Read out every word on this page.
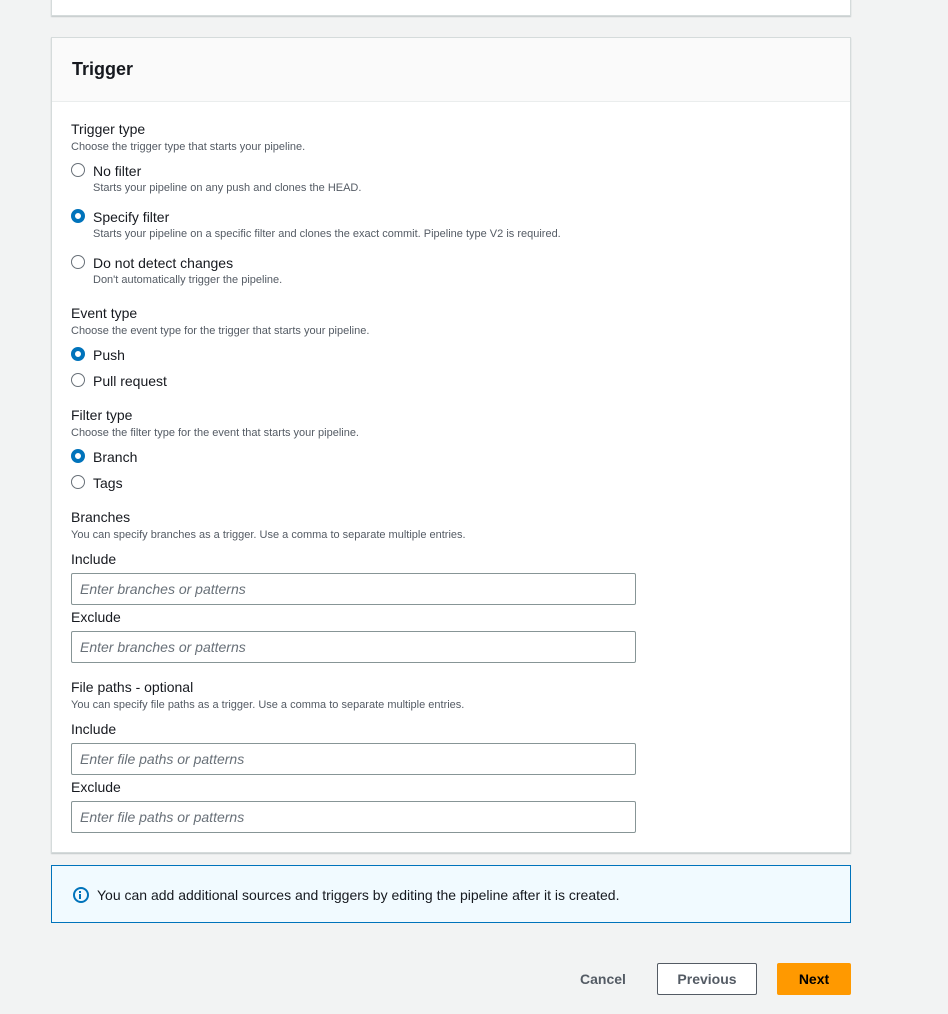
Trigger
Trigger type
Choose the trigger type that starts your pipeline.
No filter
Starts your pipeline on any push and clones the HEAD.
Specify filter
Starts your pipeline on a specific filter and clones the exact commit. Pipeline type V2 is required.
Do not detect changes
Don't automatically trigger the pipeline.
Event type
Choose the event type for the trigger that starts your pipeline.
Push
Pull request
Filter type
Choose the filter type for the event that starts your pipeline.
Branch
Tags
Branches
You can specify branches as a trigger. Use a comma to separate multiple entries.
Include
Enter branches or patterns
Exclude
Enter branches or patterns
File paths - optional
You can specify file paths as a trigger. Use a comma to separate multiple entries.
Include
Enter file paths or patterns
Exclude
Enter file paths or patterns
You can add additional sources and triggers by editing the pipeline after it is created.
Cancel	Previous	Next
